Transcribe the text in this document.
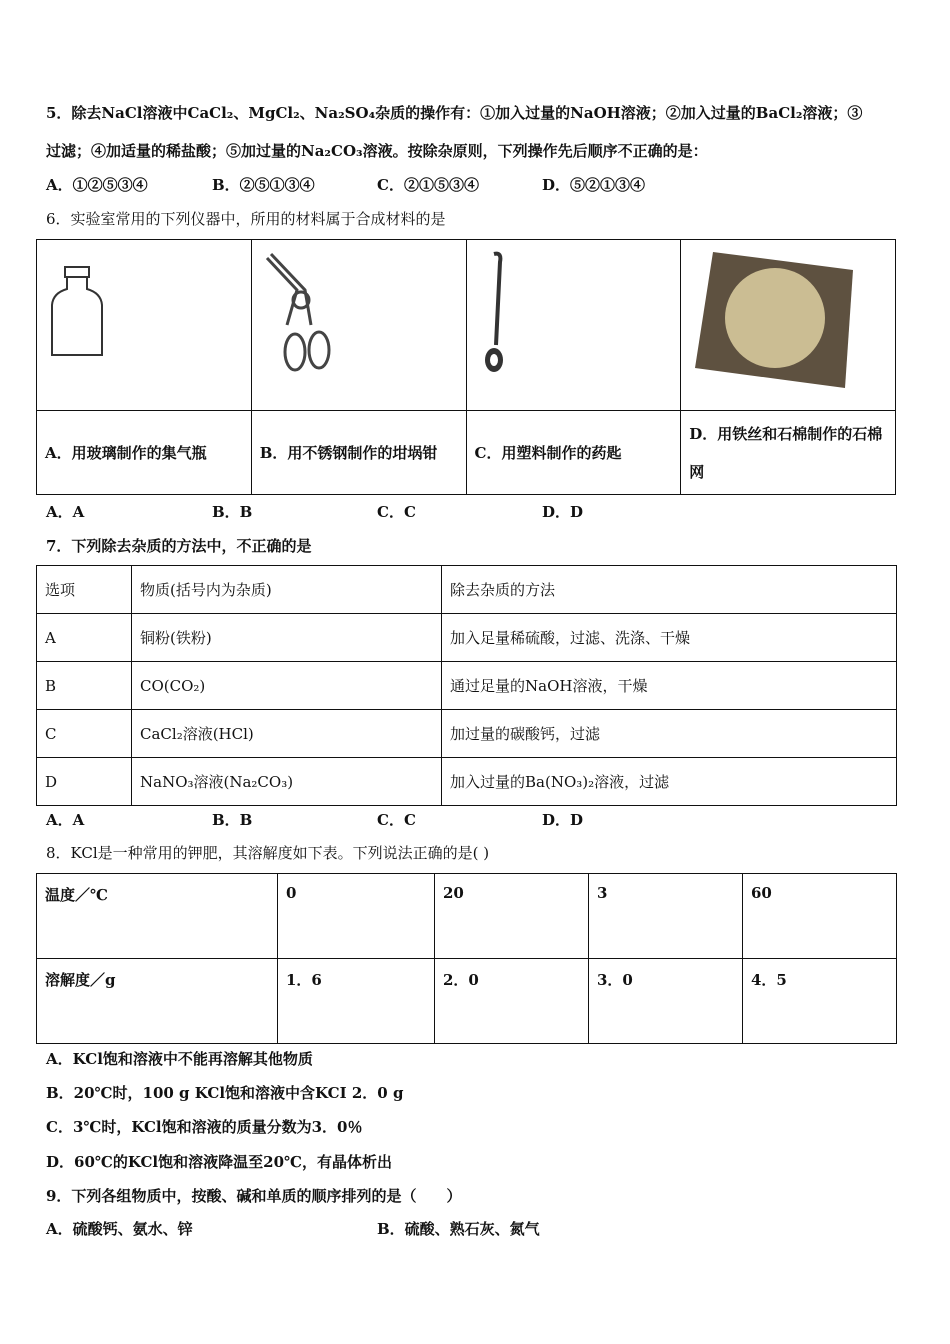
5．除去NaCl溶液中CaCl₂、MgCl₂、Na₂SO₄杂质的操作有：①加入过量的NaOH溶液；②加入过量的BaCl₂溶液；③
过滤；④加适量的稀盐酸；⑤加过量的Na₂CO₃溶液。按除杂原则，下列操作先后顺序不正确的是：
A．①②⑤③④	B．②⑤①③④	C．②①⑤③④	D．⑤②①③④
6．实验室常用的下列仪器中，所用的材料属于合成材料的是

A．用玻璃制作的集气瓶	B．用不锈钢制作的坩埚钳	C．用塑料制作的药匙	D．用铁丝和石棉制作的石棉网
A．A	B．B	C．C	D．D
7．下列除去杂质的方法中，不正确的是
选项	物质(括号内为杂质)	除去杂质的方法
A	铜粉(铁粉)	加入足量稀硫酸，过滤、洗涤、干燥
B	CO(CO₂)	通过足量的NaOH溶液，干燥
C	CaCl₂溶液(HCl)	加过量的碳酸钙，过滤
D	NaNO₃溶液(Na₂CO₃)	加入过量的Ba(NO₃)₂溶液，过滤
A．A	B．B	C．C	D．D
8．KCl是一种常用的钾肥，其溶解度如下表。下列说法正确的是( )
温度／℃	0	20	3	60
溶解度／g	1．6	2．0	3．0	4．5
A．KCl饱和溶液中不能再溶解其他物质
B．20℃时，100 g KCl饱和溶液中含KCI 2．0 g
C．3℃时，KCl饱和溶液的质量分数为3．0％
D．60℃的KCl饱和溶液降温至20℃，有晶体析出
9．下列各组物质中，按酸、碱和单质的顺序排列的是（　　）
A．硫酸钙、氨水、锌	B．硫酸、熟石灰、氮气
